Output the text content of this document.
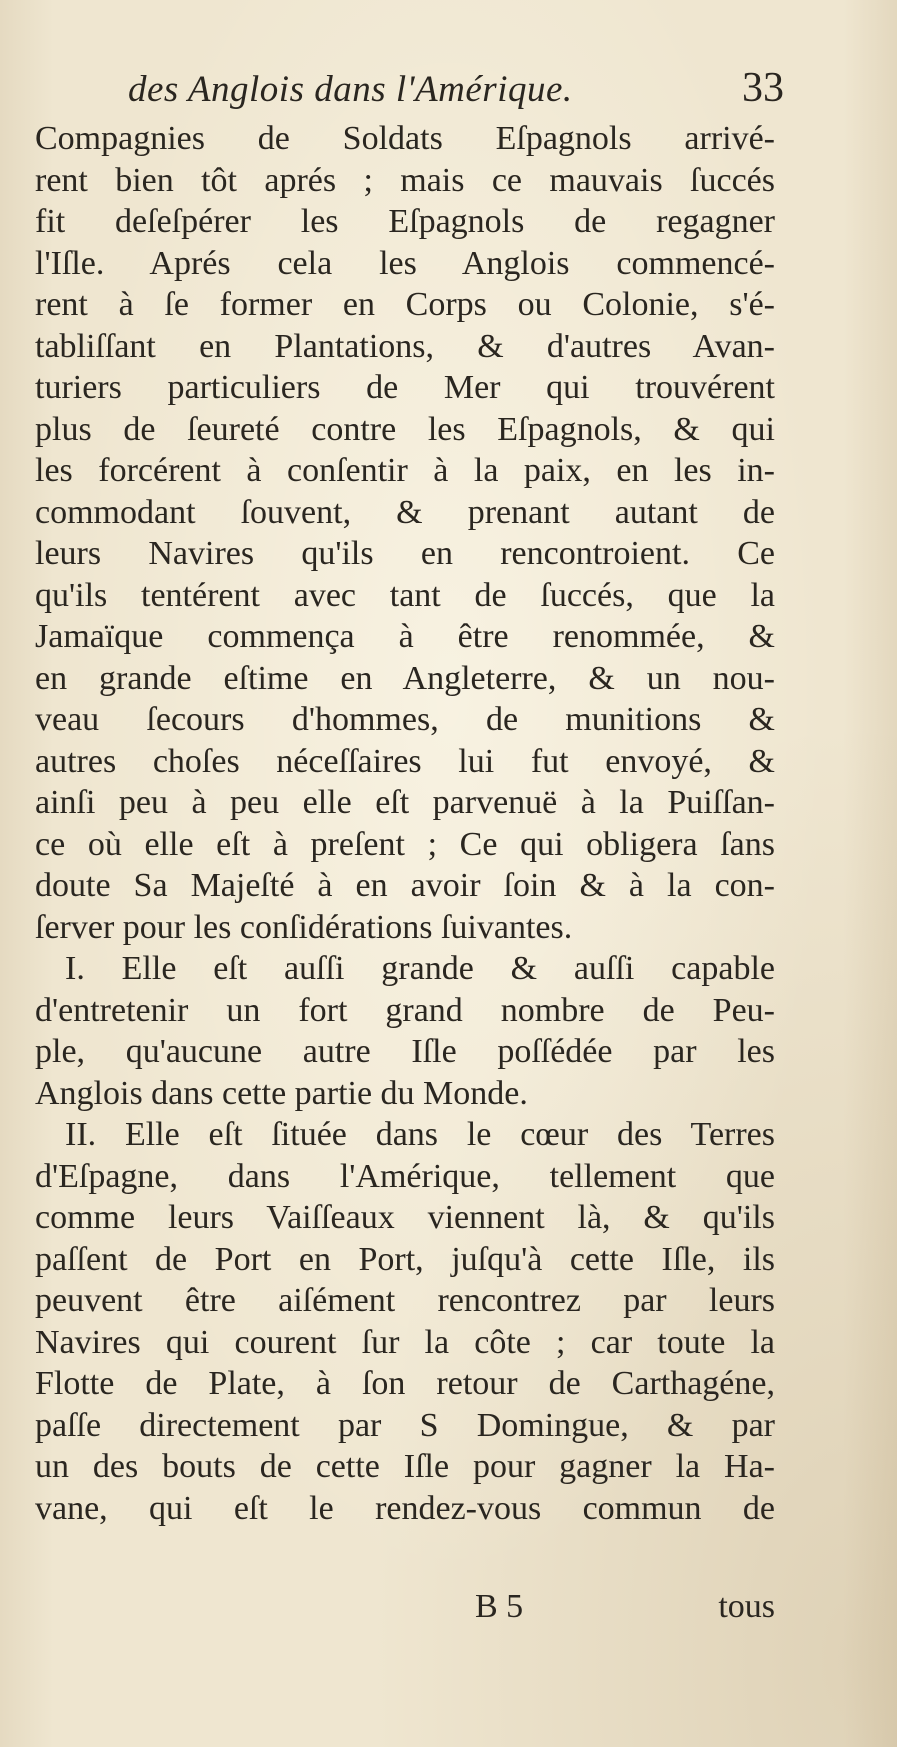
des Anglois dans l'Amérique.	33
Compagnies de Soldats Eſpagnols arrivé-
rent bien tôt aprés ; mais ce mauvais ſuccés
fit deſeſpérer les Eſpagnols de regagner
l'Iſle. Aprés cela les Anglois commencé-
rent à ſe former en Corps ou Colonie, s'é-
tabliſſant en Plantations, & d'autres Avan-
turiers particuliers de Mer qui trouvérent
plus de ſeureté contre les Eſpagnols, & qui
les forcérent à conſentir à la paix, en les in-
commodant ſouvent, & prenant autant de
leurs Navires qu'ils en rencontroient. Ce
qu'ils tentérent avec tant de ſuccés, que la
Jamaïque commença à être renommée, &
en grande eſtime en Angleterre, & un nou-
veau ſecours d'hommes, de munitions &
autres choſes néceſſaires lui fut envoyé, &
ainſi peu à peu elle eſt parvenuë à la Puiſſan-
ce où elle eſt à preſent ; Ce qui obligera ſans
doute Sa Majeſté à en avoir ſoin & à la con-
ſerver pour les conſidérations ſuivantes.
I. Elle eſt auſſi grande & auſſi capable
d'entretenir un fort grand nombre de Peu-
ple, qu'aucune autre Iſle poſſédée par les
Anglois dans cette partie du Monde.
II. Elle eſt ſituée dans le cœur des Terres
d'Eſpagne, dans l'Amérique, tellement que
comme leurs Vaiſſeaux viennent là, & qu'ils
paſſent de Port en Port, juſqu'à cette Iſle, ils
peuvent être aiſément rencontrez par leurs
Navires qui courent ſur la côte ; car toute la
Flotte de Plate, à ſon retour de Carthagéne,
paſſe directement par S Domingue, & par
un des bouts de cette Iſle pour gagner la Ha-
vane, qui eſt le rendez-vous commun de
B 5	tous
